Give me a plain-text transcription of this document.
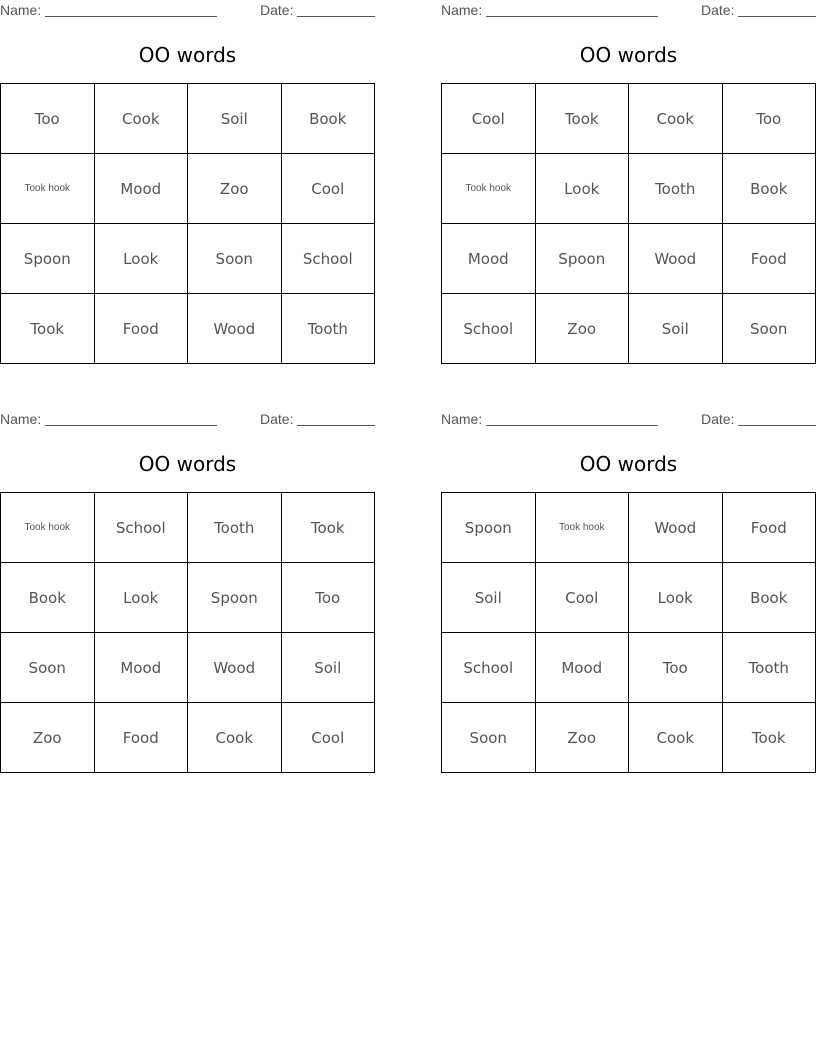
Name:	Date:
OO words
Too	Cook	Soil	Book
Took hook	Mood	Zoo	Cool
Spoon	Look	Soon	School
Took	Food	Wood	Tooth
Name:	Date:
OO words
Cool	Took	Cook	Too
Took hook	Look	Tooth	Book
Mood	Spoon	Wood	Food
School	Zoo	Soil	Soon
Name:	Date:
OO words
Took hook	School	Tooth	Took
Book	Look	Spoon	Too
Soon	Mood	Wood	Soil
Zoo	Food	Cook	Cool
Name:	Date:
OO words
Spoon	Took hook	Wood	Food
Soil	Cool	Look	Book
School	Mood	Too	Tooth
Soon	Zoo	Cook	Took
